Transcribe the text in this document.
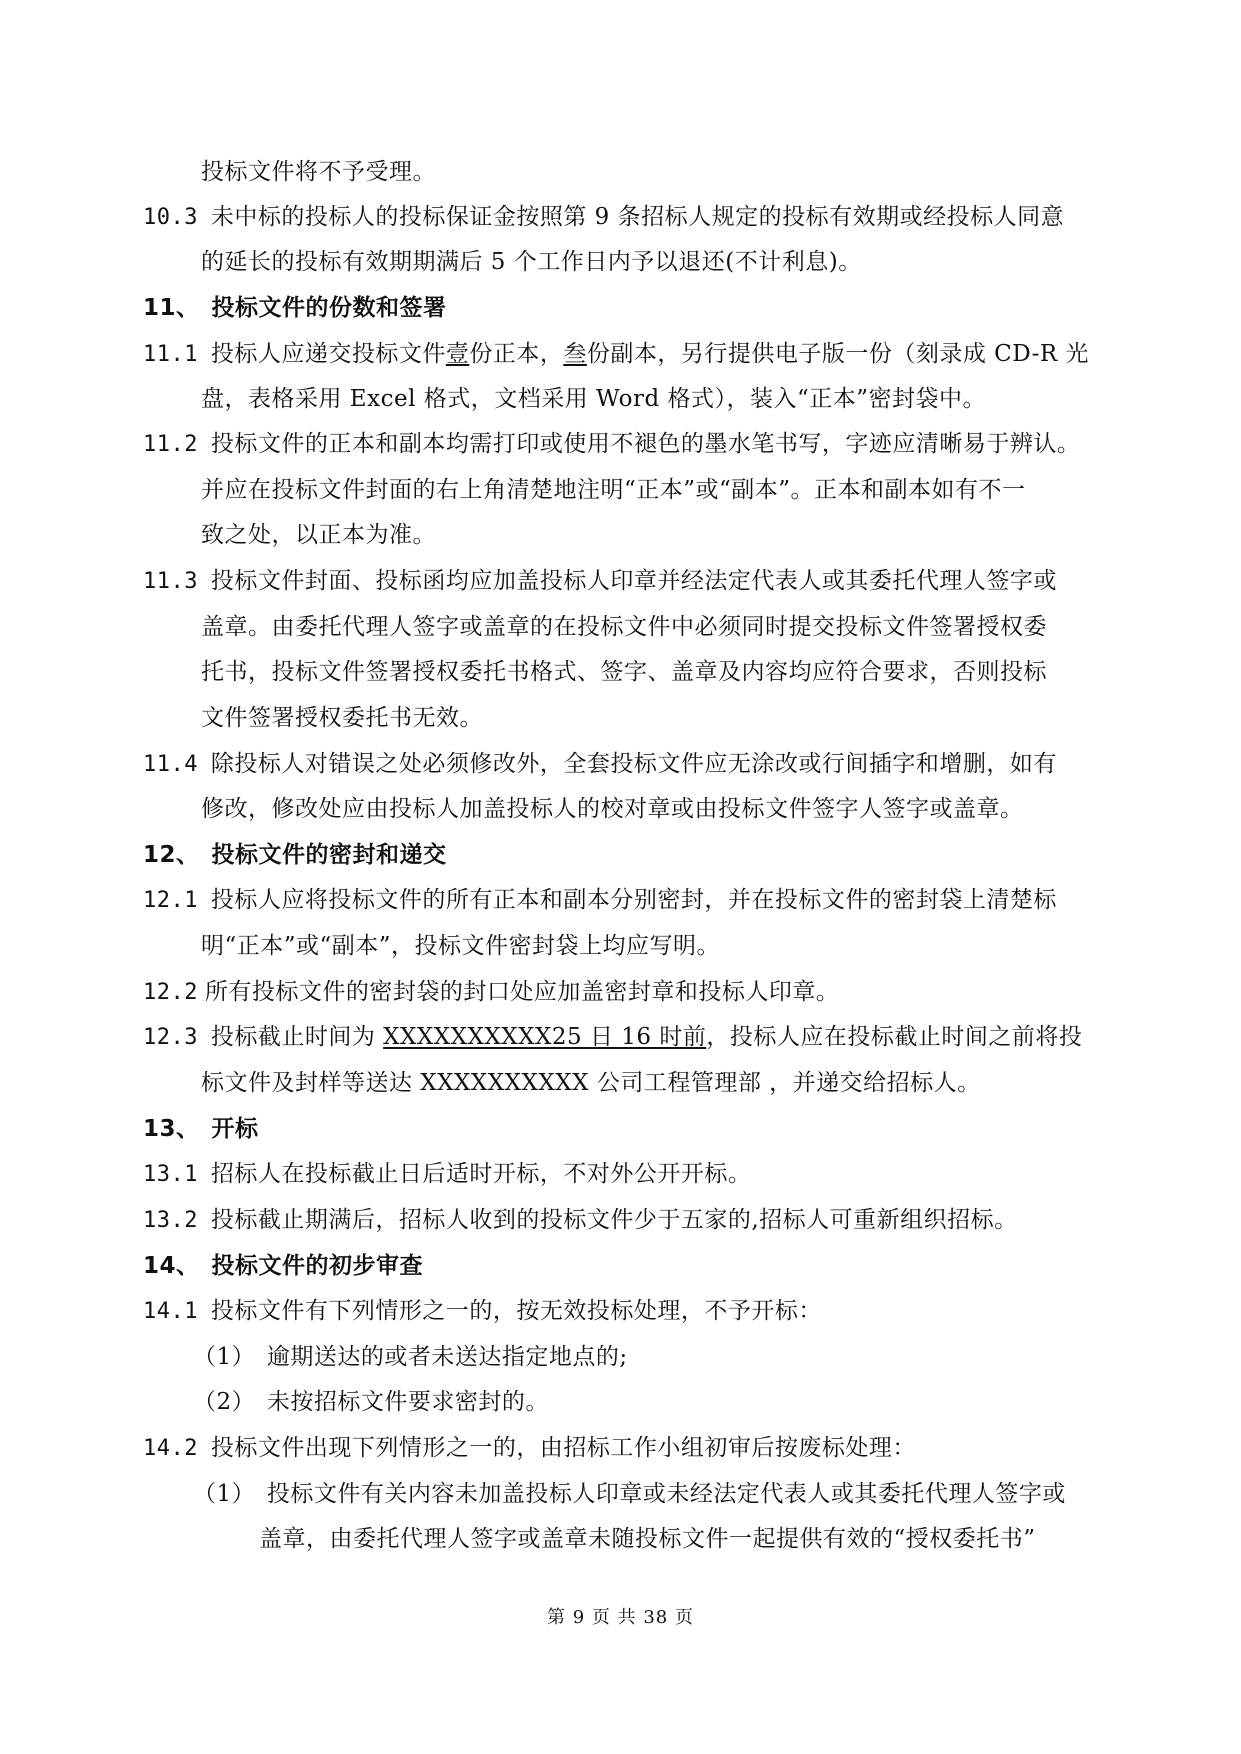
投标文件将不予受理。
10.3 未中标的投标人的投标保证金按照第 9 条招标人规定的投标有效期或经投标人同意
的延长的投标有效期期满后 5 个工作日内予以退还(不计利息)。
11、 投标文件的份数和签署
11.1 投标人应递交投标文件壹份正本，叁份副本，另行提供电子版一份（刻录成 CD-R 光
盘，表格采用 Excel 格式，文档采用 Word 格式），装入“正本”密封袋中。
11.2 投标文件的正本和副本均需打印或使用不褪色的墨水笔书写，字迹应清晰易于辨认。
并应在投标文件封面的右上角清楚地注明“正本”或“副本”。正本和副本如有不一
致之处，以正本为准。
11.3 投标文件封面、投标函均应加盖投标人印章并经法定代表人或其委托代理人签字或
盖章。由委托代理人签字或盖章的在投标文件中必须同时提交投标文件签署授权委
托书，投标文件签署授权委托书格式、签字、盖章及内容均应符合要求，否则投标
文件签署授权委托书无效。
11.4 除投标人对错误之处必须修改外，全套投标文件应无涂改或行间插字和增删，如有
修改，修改处应由投标人加盖投标人的校对章或由投标文件签字人签字或盖章。
12、 投标文件的密封和递交
12.1 投标人应将投标文件的所有正本和副本分别密封，并在投标文件的密封袋上清楚标
明“正本”或“副本”，投标文件密封袋上均应写明。
12.2 所有投标文件的密封袋的封口处应加盖密封章和投标人印章。
12.3 投标截止时间为 XXXXXXXXXX25 日 16 时前，投标人应在投标截止时间之前将投
标文件及封样等送达 XXXXXXXXXX 公司工程管理部 ，并递交给招标人。
13、 开标
13.1 招标人在投标截止日后适时开标，不对外公开开标。
13.2 投标截止期满后，招标人收到的投标文件少于五家的,招标人可重新组织招标。
14、 投标文件的初步审查
14.1 投标文件有下列情形之一的，按无效投标处理，不予开标：
（1） 逾期送达的或者未送达指定地点的;
（2） 未按招标文件要求密封的。
14.2 投标文件出现下列情形之一的，由招标工作小组初审后按废标处理：
（1） 投标文件有关内容未加盖投标人印章或未经法定代表人或其委托代理人签字或
盖章，由委托代理人签字或盖章未随投标文件一起提供有效的“授权委托书”
第 9 页 共 38 页
